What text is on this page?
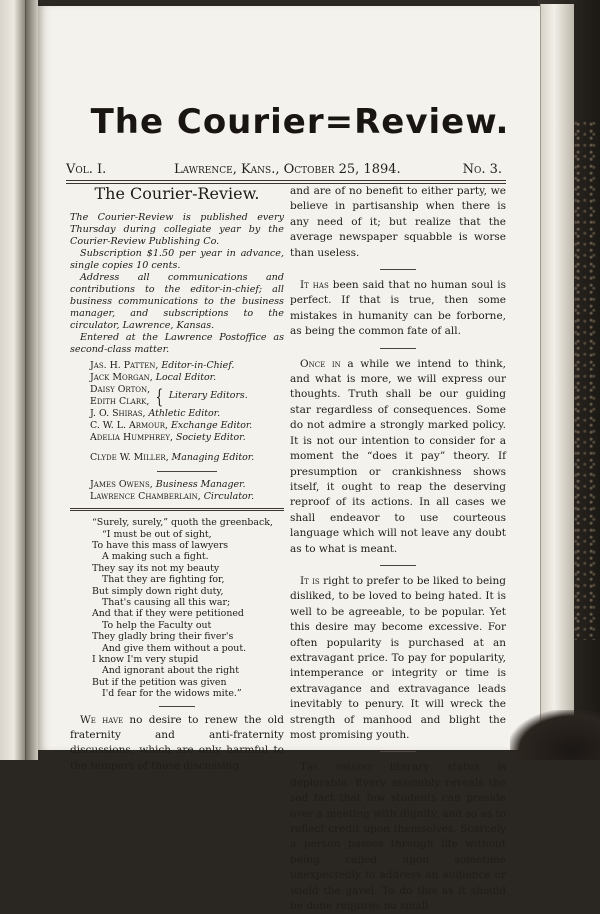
The Courier=Review.
Vol. I.	Lawrence, Kans., October 25, 1894.	No. 3.
The Courier-Review.

The Courier-Review is published every Thursday during collegiate year by the Courier-Review Publishing Co.

Subscription $1.50 per year in advance, single copies 10 cents.

Address all communications and contributions to the editor-in-chief; all business communications to the business manager, and subscriptions to the circulator, Lawrence, Kansas.

Entered at the Lawrence Postoffice as second-class matter.

Jas. H. Patten, Editor-in-Chief.
Jack Morgan, Local Editor.
Daisy Orton,
Edith Clark, { Literary Editors.
J. O. Shiras, Athletic Editor.
C. W. L. Armour, Exchange Editor.
Adelia Humphrey, Society Editor.
Clyde W. Miller, Managing Editor.
James Owens, Business Manager.
Lawrence Chamberlain, Circulator.
“Surely, surely,” quoth the greenback,
“I must be out of sight,
To have this mass of lawyers
A making such a fight.
They say its not my beauty
That they are fighting for,
But simply down right duty,
That's causing all this war;
And that if they were petitioned
To help the Faculty out
They gladly bring their fiver's
And give them without a pout.
I know I'm very stupid
And ignorant about the right
But if the petition was given
I'd fear for the widows mite.”

We have no desire to renew the old fraternity and anti-fraternity discussions, which are only harmful to the tempers of those discussing

and are of no benefit to either party, we believe in partisanship when there is any need of it; but realize that the average newspaper squabble is worse than useless.

It has been said that no human soul is perfect. If that is true, then some mistakes in humanity can be forborne, as being the common fate of all.

Once in a while we intend to think, and what is more, we will express our thoughts. Truth shall be our guiding star regardless of consequences. Some do not admire a strongly marked policy. It is not our intention to consider for a moment the “does it pay” theory. If presumption or crankishness shows itself, it ought to reap the deserving reproof of its actions. In all cases we shall endeavor to use courteous language which will not leave any doubt as to what is meant.

It is right to prefer to be liked to being disliked, to be loved to being hated. It is well to be agreeable, to be popular. Yet this desire may become excessive. For often popularity is purchased at an extravagant price. To pay for popularity, intemperance or integrity or time is extravagance and extravagance leads inevitably to penury. It will wreck the strength of manhood and blight the most promising youth.

The present literary status is deplorable. Every assembly reveals the sad fact that few students can preside over a meeting with dignity, and so as to reflect credit upon themselves. Scarcely a person passes through life without being called upon sometime unexpectedly to address an audience or wield the gavel. To do this as it should be done requires no small
